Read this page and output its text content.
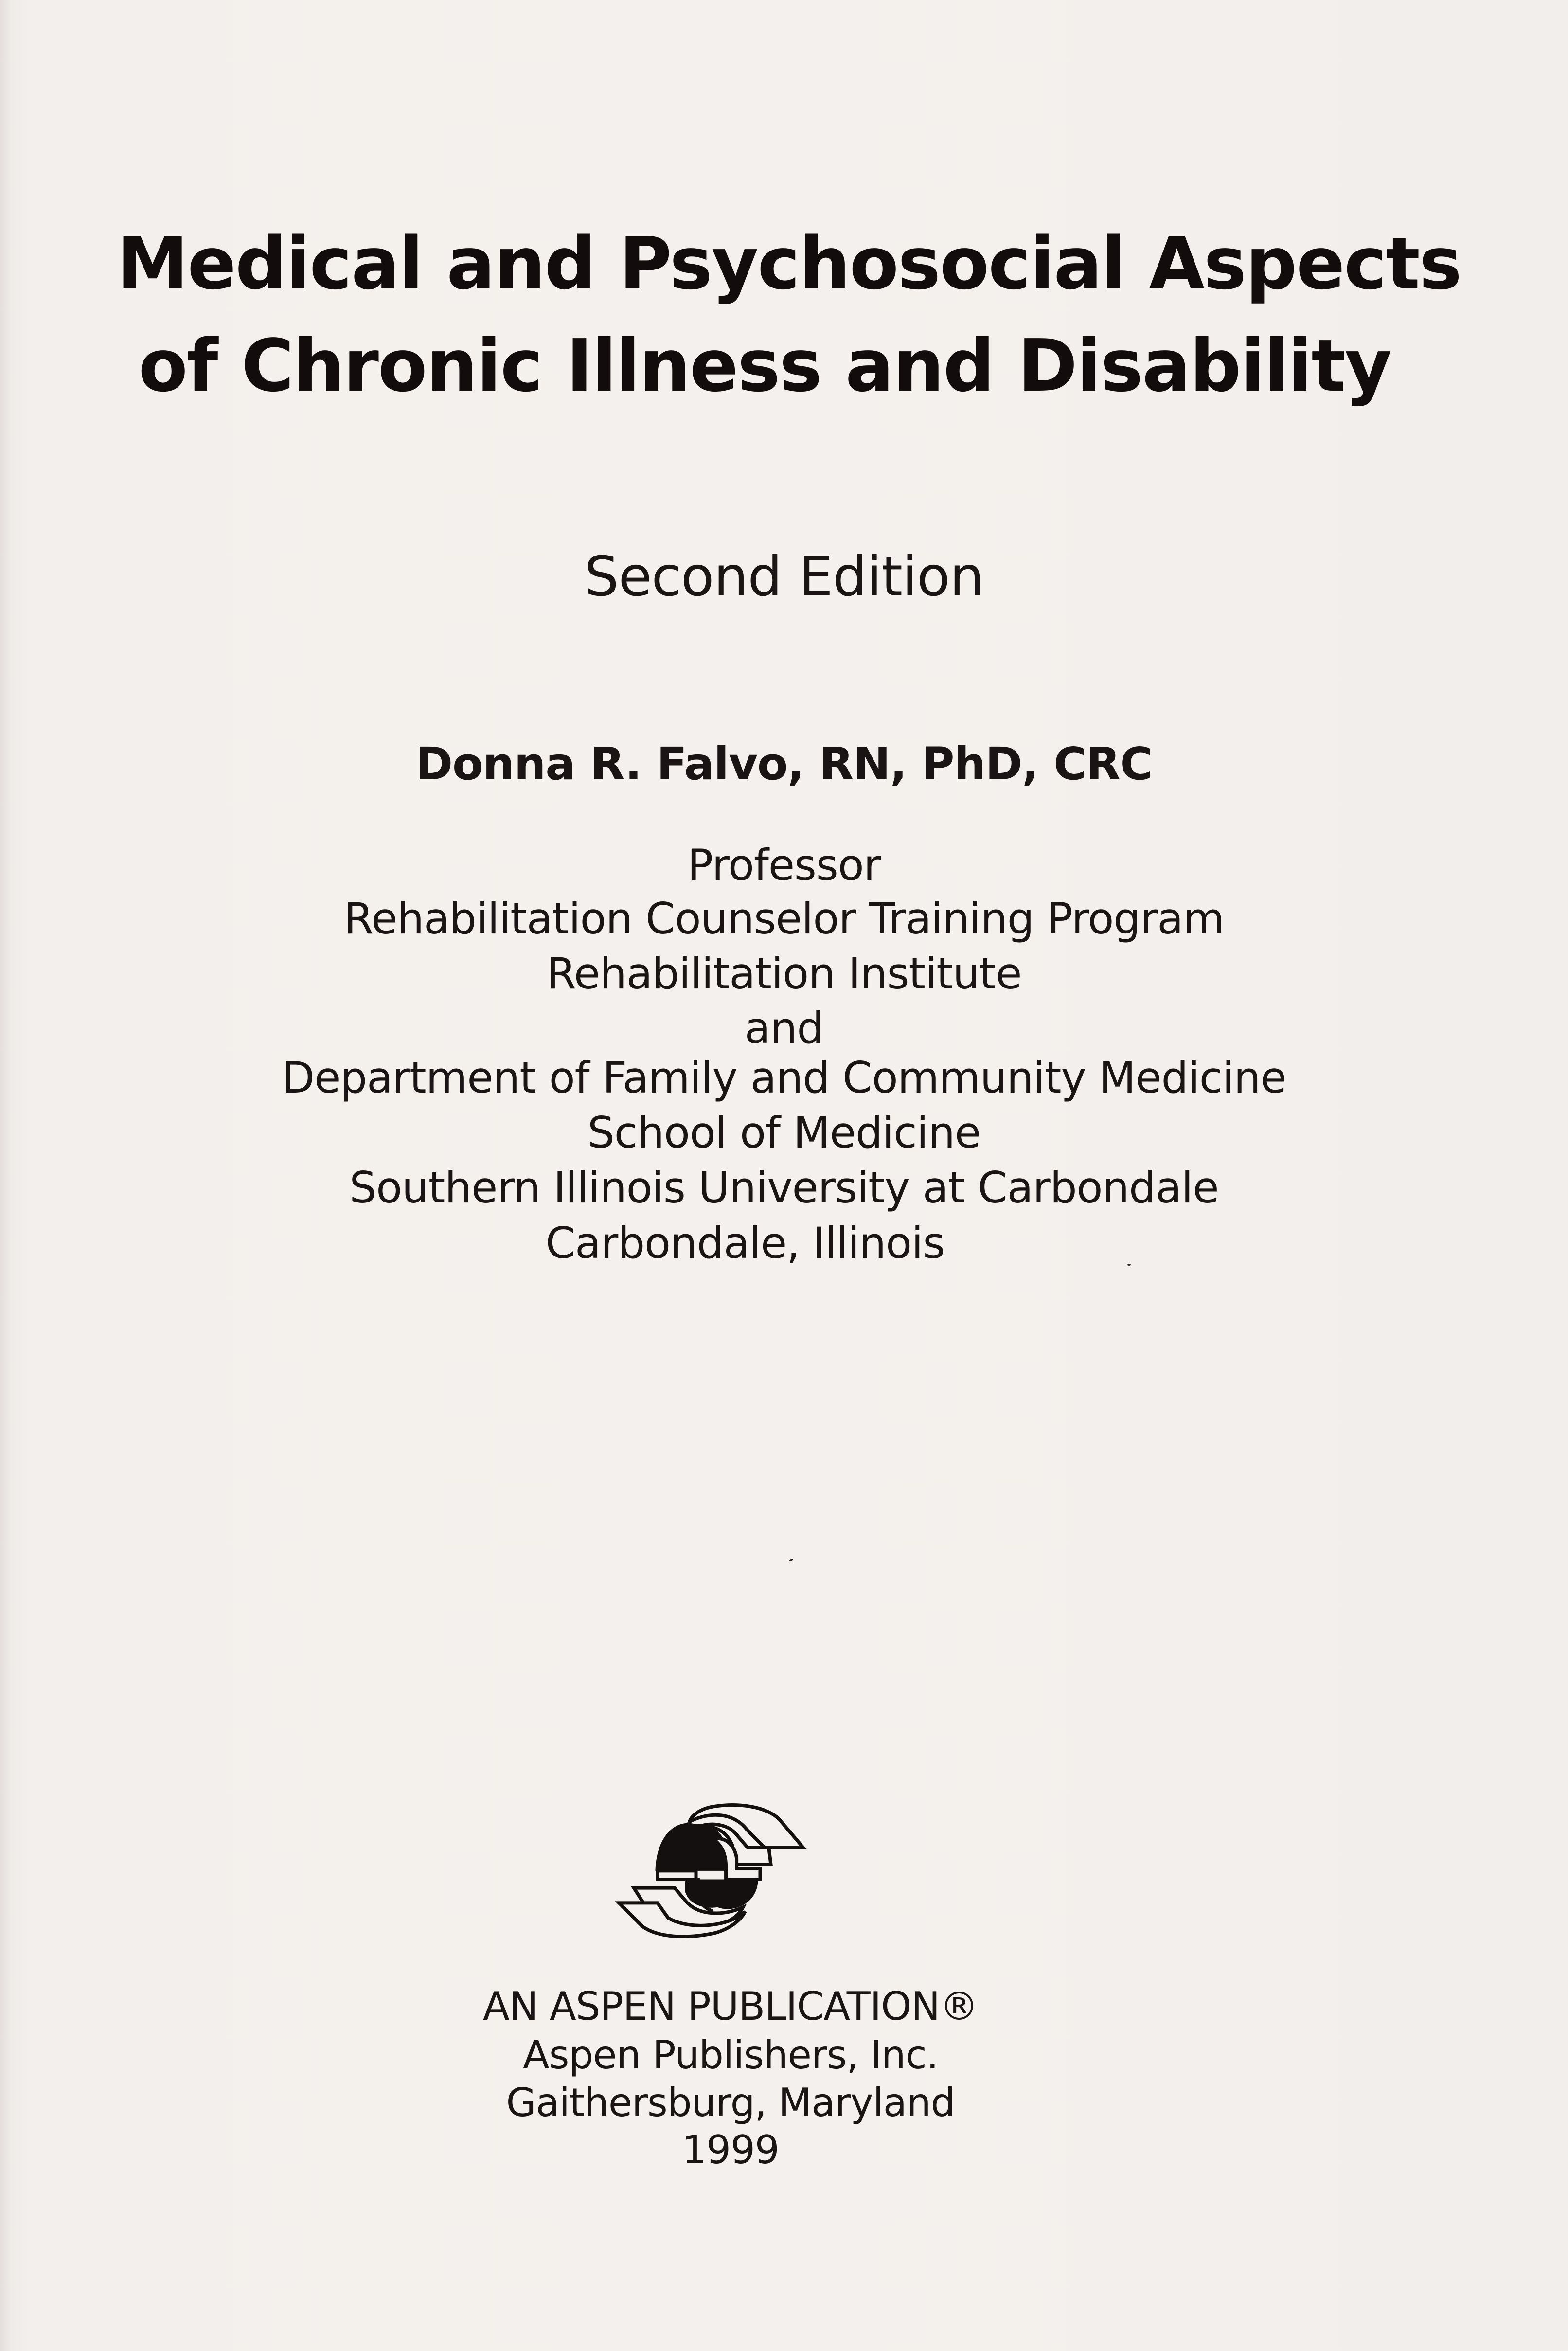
Medical and Psychosocial Aspects
of Chronic Illness and Disability
Second Edition
Donna R. Falvo, RN, PhD, CRC
Professor
Rehabilitation Counselor Training Program
Rehabilitation Institute
and
Department of Family and Community Medicine
School of Medicine
Southern Illinois University at Carbondale
Carbondale, Illinois
AN ASPEN PUBLICATION®
Aspen Publishers, Inc.
Gaithersburg, Maryland
1999
